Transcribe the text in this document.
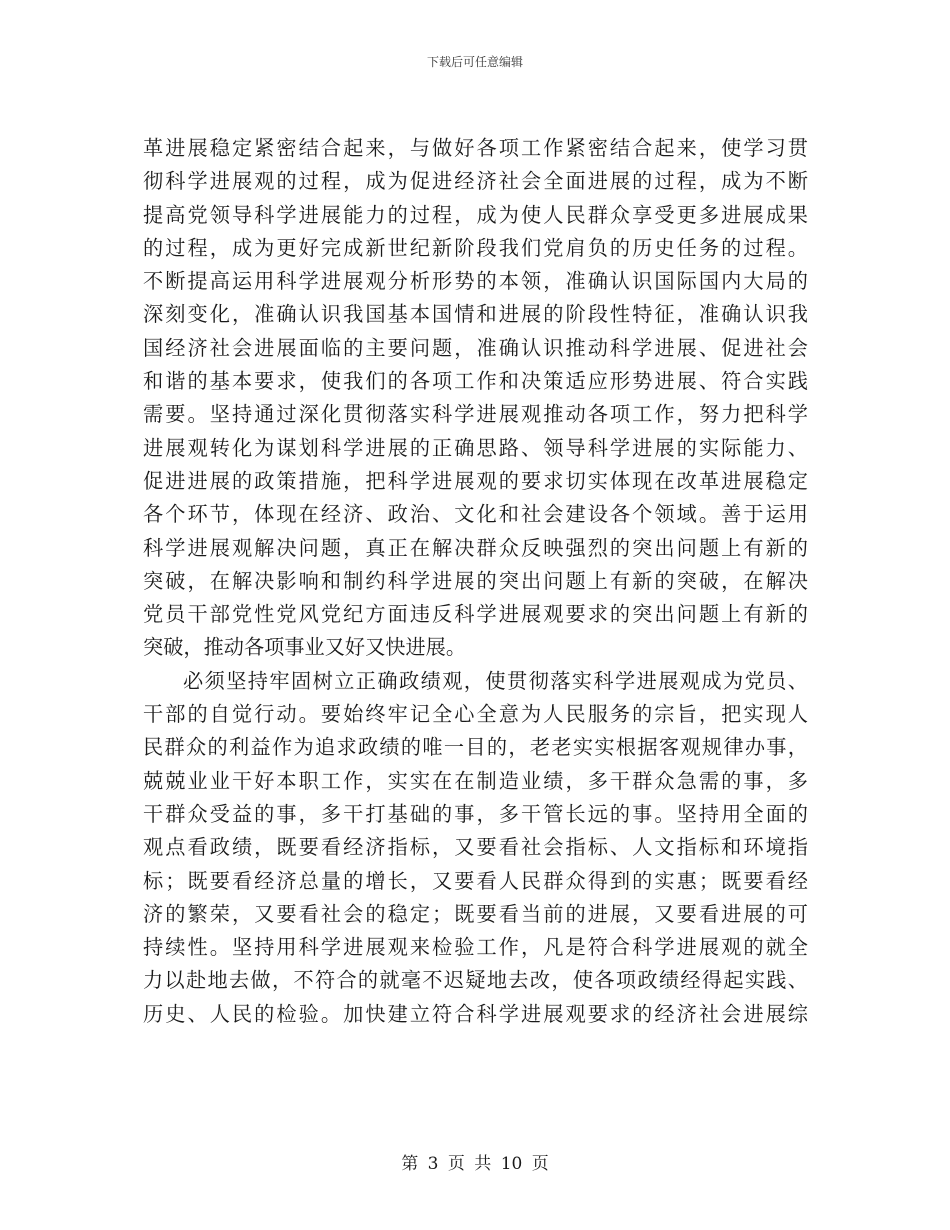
下载后可任意编辑
革进展稳定紧密结合起来，与做好各项工作紧密结合起来，使学习贯
彻科学进展观的过程，成为促进经济社会全面进展的过程，成为不断
提高党领导科学进展能力的过程，成为使人民群众享受更多进展成果
的过程，成为更好完成新世纪新阶段我们党肩负的历史任务的过程。
不断提高运用科学进展观分析形势的本领，准确认识国际国内大局的
深刻变化，准确认识我国基本国情和进展的阶段性特征，准确认识我
国经济社会进展面临的主要问题，准确认识推动科学进展、促进社会
和谐的基本要求，使我们的各项工作和决策适应形势进展、符合实践
需要。坚持通过深化贯彻落实科学进展观推动各项工作，努力把科学
进展观转化为谋划科学进展的正确思路、领导科学进展的实际能力、
促进进展的政策措施，把科学进展观的要求切实体现在改革进展稳定
各个环节，体现在经济、政治、文化和社会建设各个领域。善于运用
科学进展观解决问题，真正在解决群众反映强烈的突出问题上有新的
突破，在解决影响和制约科学进展的突出问题上有新的突破，在解决
党员干部党性党风党纪方面违反科学进展观要求的突出问题上有新的
突破，推动各项事业又好又快进展。
必须坚持牢固树立正确政绩观，使贯彻落实科学进展观成为党员、
干部的自觉行动。要始终牢记全心全意为人民服务的宗旨，把实现人
民群众的利益作为追求政绩的唯一目的，老老实实根据客观规律办事，
兢兢业业干好本职工作，实实在在制造业绩，多干群众急需的事，多
干群众受益的事，多干打基础的事，多干管长远的事。坚持用全面的
观点看政绩，既要看经济指标，又要看社会指标、人文指标和环境指
标；既要看经济总量的增长，又要看人民群众得到的实惠；既要看经
济的繁荣，又要看社会的稳定；既要看当前的进展，又要看进展的可
持续性。坚持用科学进展观来检验工作，凡是符合科学进展观的就全
力以赴地去做，不符合的就毫不迟疑地去改，使各项政绩经得起实践、
历史、人民的检验。加快建立符合科学进展观要求的经济社会进展综
第 3 页 共 10 页
